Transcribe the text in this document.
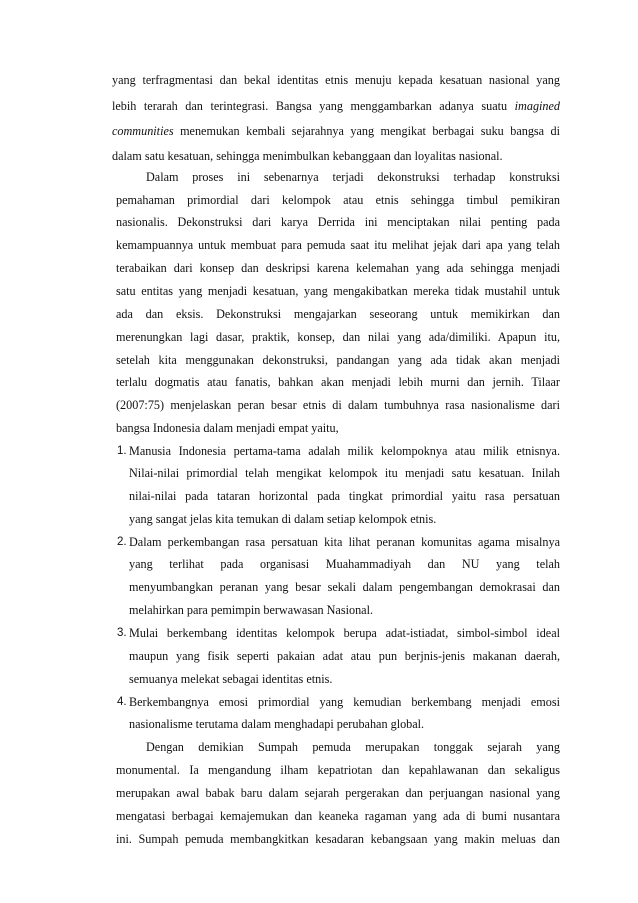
yang terfragmentasi dan bekal identitas etnis menuju kepada kesatuan nasional yang

lebih terarah dan terintegrasi. Bangsa yang menggambarkan adanya suatu imagined

communities menemukan kembali sejarahnya yang mengikat berbagai suku bangsa di

dalam satu kesatuan, sehingga menimbulkan kebanggaan dan loyalitas nasional.

Dalam proses ini sebenarnya terjadi dekonstruksi terhadap konstruksi

pemahaman primordial dari kelompok atau etnis sehingga timbul pemikiran

nasionalis. Dekonstruksi dari karya Derrida ini menciptakan nilai penting pada

kemampuannya untuk membuat para pemuda saat itu melihat jejak dari apa yang telah

terabaikan dari konsep dan deskripsi karena kelemahan yang ada sehingga menjadi

satu entitas yang menjadi kesatuan, yang mengakibatkan mereka tidak mustahil untuk

ada dan eksis. Dekonstruksi mengajarkan seseorang untuk memikirkan dan

merenungkan lagi dasar, praktik, konsep, dan nilai yang ada/dimiliki. Apapun itu,

setelah kita menggunakan dekonstruksi, pandangan yang ada tidak akan menjadi

terlalu dogmatis atau fanatis, bahkan akan menjadi lebih murni dan jernih. Tilaar

(2007:75) menjelaskan peran besar etnis di dalam tumbuhnya rasa nasionalisme dari

bangsa Indonesia dalam menjadi empat yaitu,

1. Manusia Indonesia pertama-tama adalah milik kelompoknya atau milik etnisnya.

Nilai-nilai primordial telah mengikat kelompok itu menjadi satu kesatuan. Inilah

nilai-nilai pada tataran horizontal pada tingkat primordial yaitu rasa persatuan

yang sangat jelas kita temukan di dalam setiap kelompok etnis.

2. Dalam perkembangan rasa persatuan kita lihat peranan komunitas agama misalnya

yang terlihat pada organisasi Muahammadiyah dan NU yang telah

menyumbangkan peranan yang besar sekali dalam pengembangan demokrasai dan

melahirkan para pemimpin berwawasan Nasional.

3. Mulai berkembang identitas kelompok berupa adat-istiadat, simbol-simbol ideal

maupun yang fisik seperti pakaian adat atau pun berjnis-jenis makanan daerah,

semuanya melekat sebagai identitas etnis.

4. Berkembangnya emosi primordial yang kemudian berkembang menjadi emosi

nasionalisme terutama dalam menghadapi perubahan global.

Dengan demikian Sumpah pemuda merupakan tonggak sejarah yang

monumental. Ia mengandung ilham kepatriotan dan kepahlawanan dan sekaligus

merupakan awal babak baru dalam sejarah pergerakan dan perjuangan nasional yang

mengatasi berbagai kemajemukan dan keaneka ragaman yang ada di bumi nusantara

ini. Sumpah pemuda membangkitkan kesadaran kebangsaan yang makin meluas dan
